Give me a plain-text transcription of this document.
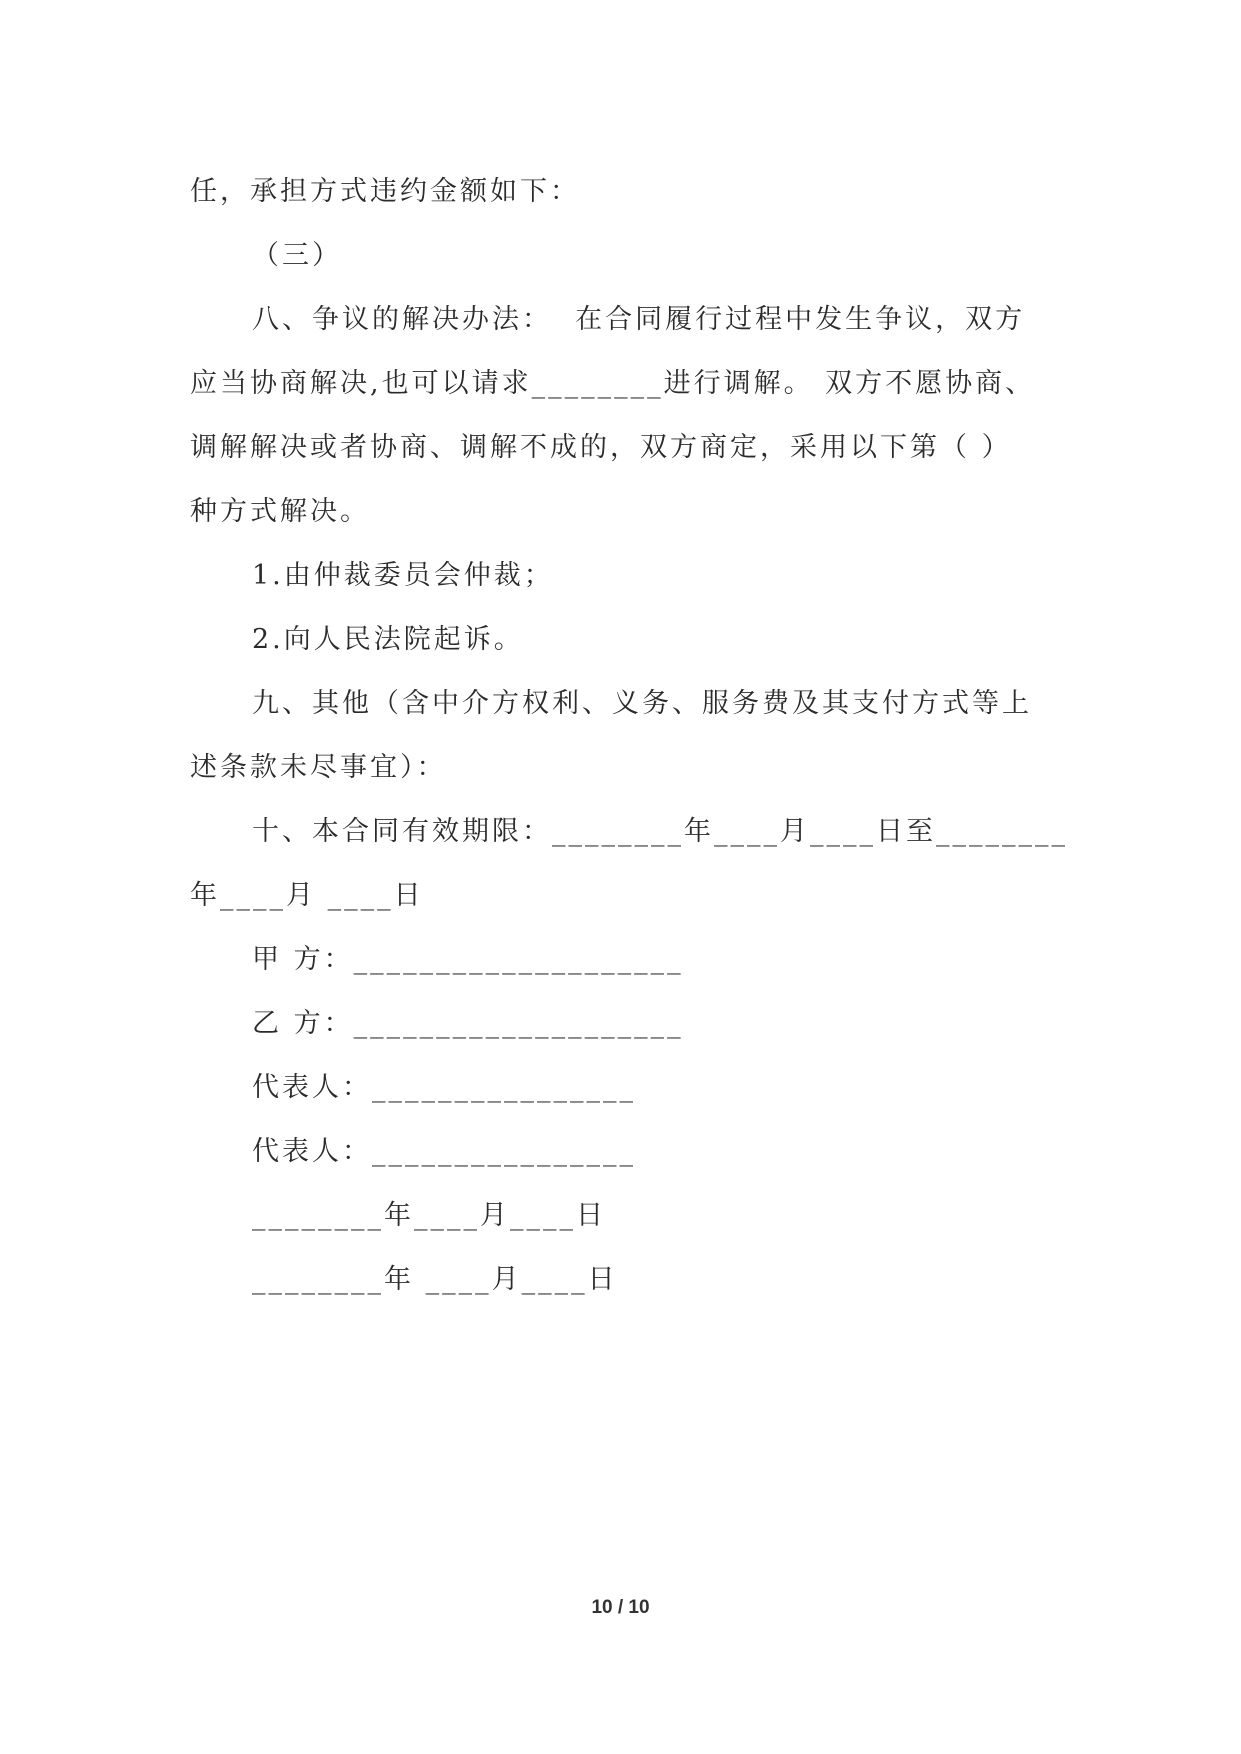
任，承担方式违约金额如下：
（三）
八、争议的解决办法：  在合同履行过程中发生争议，双方
应当协商解决,也可以请求________进行调解。 双方不愿协商、
调解解决或者协商、调解不成的，双方商定，采用以下第（ ）
种方式解决。
1.由仲裁委员会仲裁；
2.向人民法院起诉。
九、其他（含中介方权利、义务、服务费及其支付方式等上
述条款未尽事宜）：
十、本合同有效期限：________年____月____日至________
年____月 ____日
甲 方：____________________
乙 方：____________________
代表人：________________
代表人：________________
________年____月____日
________年 ____月____日
10 / 10
